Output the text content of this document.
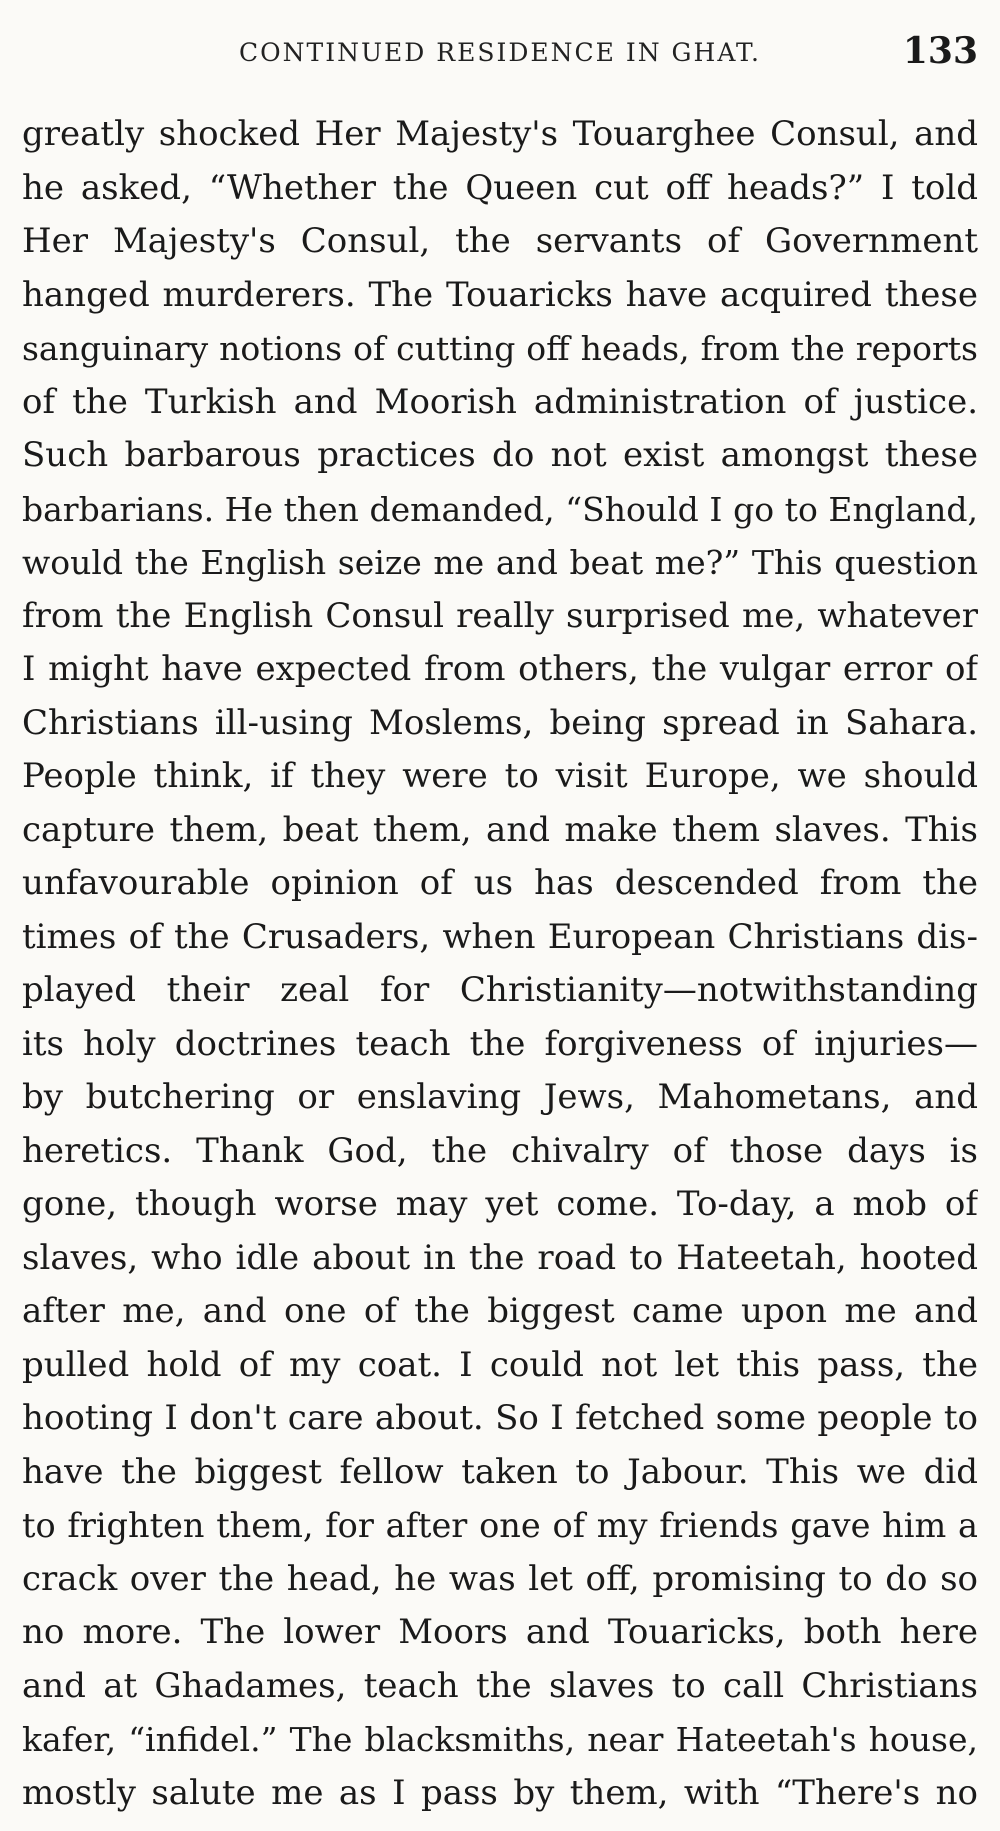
CONTINUED RESIDENCE IN GHAT.	133
greatly shocked Her Majesty's Touarghee Consul, and
he asked, “Whether the Queen cut off heads?” I told
Her Majesty's Consul, the servants of Government
hanged murderers. The Touaricks have acquired these
sanguinary notions of cutting off heads, from the reports
of the Turkish and Moorish administration of justice.
Such barbarous practices do not exist amongst these
barbarians. He then demanded, “Should I go to England,
would the English seize me and beat me?” This question
from the English Consul really surprised me, whatever
I might have expected from others, the vulgar error of
Christians ill-using Moslems, being spread in Sahara.
People think, if they were to visit Europe, we should
capture them, beat them, and make them slaves. This
unfavourable opinion of us has descended from the
times of the Crusaders, when European Christians dis-
played their zeal for Christianity—notwithstanding
its holy doctrines teach the forgiveness of injuries—
by butchering or enslaving Jews, Mahometans, and
heretics. Thank God, the chivalry of those days is
gone, though worse may yet come. To-day, a mob of
slaves, who idle about in the road to Hateetah, hooted
after me, and one of the biggest came upon me and
pulled hold of my coat. I could not let this pass, the
hooting I don't care about. So I fetched some people to
have the biggest fellow taken to Jabour. This we did
to frighten them, for after one of my friends gave him a
crack over the head, he was let off, promising to do so
no more. The lower Moors and Touaricks, both here
and at Ghadames, teach the slaves to call Christians
kafer, “infidel.” The blacksmiths, near Hateetah's house,
mostly salute me as I pass by them, with “There's no
